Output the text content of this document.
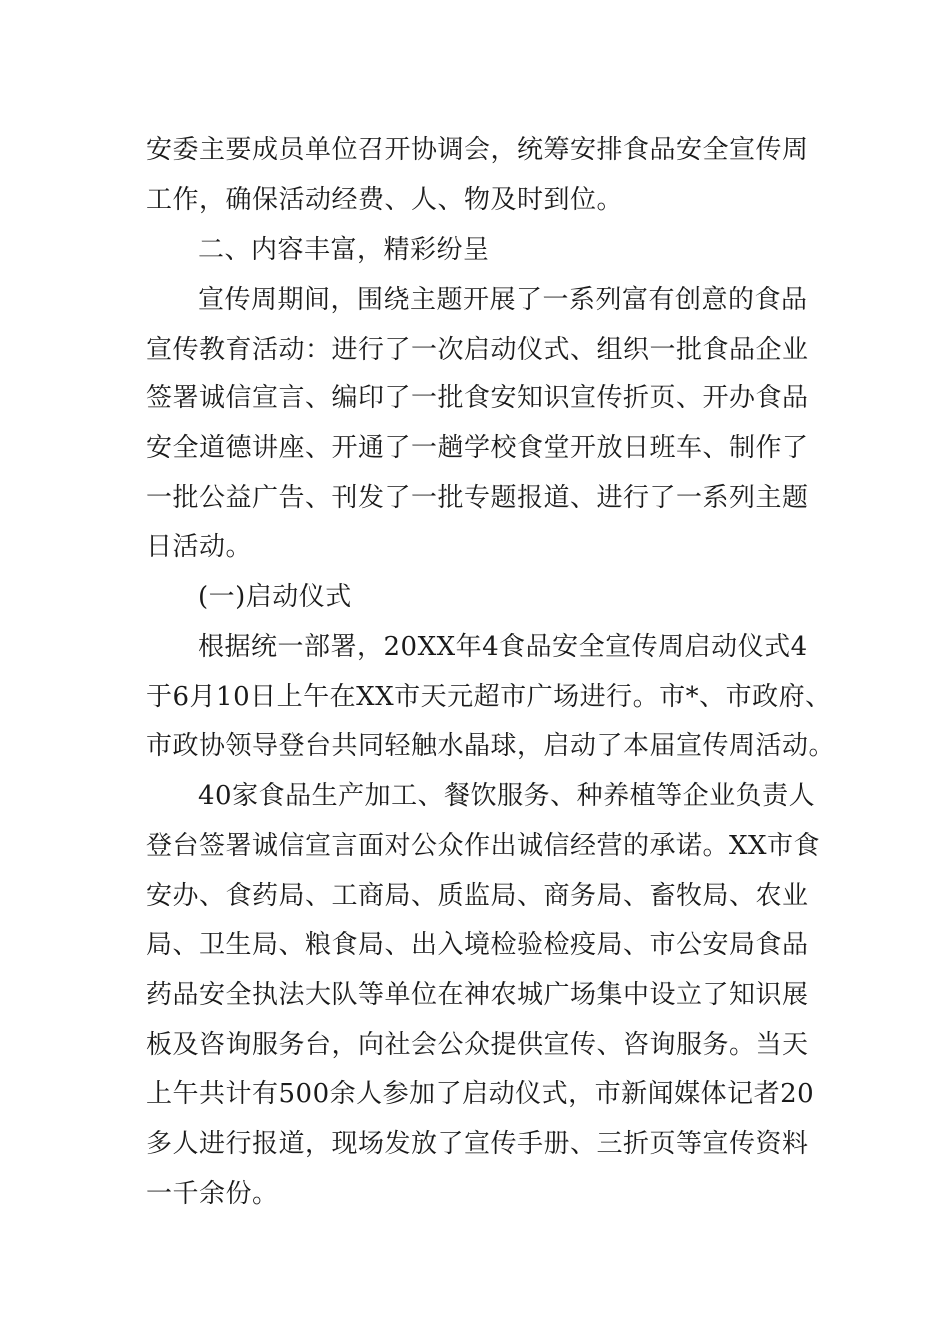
安委主要成员单位召开协调会，统筹安排食品安全宣传周
工作，确保活动经费、人、物及时到位。
二、内容丰富，精彩纷呈
宣传周期间，围绕主题开展了一系列富有创意的食品
宣传教育活动：进行了一次启动仪式、组织一批食品企业
签署诚信宣言、编印了一批食安知识宣传折页、开办食品
安全道德讲座、开通了一趟学校食堂开放日班车、制作了
一批公益广告、刊发了一批专题报道、进行了一系列主题
日活动。
(一)启动仪式
根据统一部署，20XX年4食品安全宣传周启动仪式4
于6月10日上午在XX市天元超市广场进行。市*、市政府、
市政协领导登台共同轻触水晶球，启动了本届宣传周活动。
40家食品生产加工、餐饮服务、种养植等企业负责人
登台签署诚信宣言面对公众作出诚信经营的承诺。XX市食
安办、食药局、工商局、质监局、商务局、畜牧局、农业
局、卫生局、粮食局、出入境检验检疫局、市公安局食品
药品安全执法大队等单位在神农城广场集中设立了知识展
板及咨询服务台，向社会公众提供宣传、咨询服务。当天
上午共计有500余人参加了启动仪式，市新闻媒体记者20
多人进行报道，现场发放了宣传手册、三折页等宣传资料
一千余份。
